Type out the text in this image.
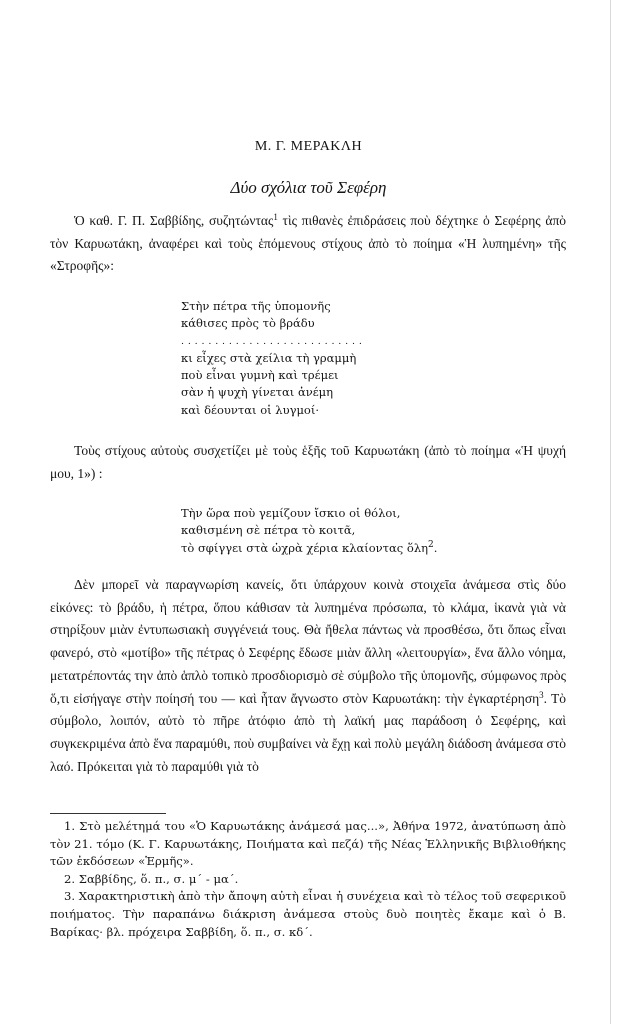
Μ. Γ. ΜΕΡΑΚΛΗ
Δύο σχόλια τοῦ Σεφέρη

Ὁ καθ. Γ. Π. Σαββίδης, συζητώντας$^1$ τὶς πιθανὲς ἐπιδράσεις ποὺ δέχτηκε ὁ Σεφέρης ἀπὸ τὸν Καρυωτάκη, ἀναφέρει καὶ τοὺς ἑπόμενους στίχους ἀπὸ τὸ ποίημα «Ἡ λυπημένη» τῆς «Στροφῆς»:

Στὴν πέτρα τῆς ὑπομονῆς
κάθισες πρὸς τὸ βράδυ
. . . . . . . . . . . . . . . . . . . . . . . . . . .
κι εἶχες στὰ χείλια τὴ γραμμὴ
ποὺ εἶναι γυμνὴ καὶ τρέμει
σὰν ἡ ψυχὴ γίνεται ἀνέμη
καὶ δέουνται οἱ λυγμοί·

Τοὺς στίχους αὐτοὺς συσχετίζει μὲ τοὺς ἑξῆς τοῦ Καρυωτάκη (ἀπὸ τὸ ποίημα «Ἡ ψυχή μου, 1») :

Τὴν ὥρα ποὺ γεμίζουν ἴσκιο οἱ θόλοι,
καθισμένη σὲ πέτρα τὸ κοιτᾶ,
τὸ σφίγγει στὰ ὠχρὰ χέρια κλαίοντας ὅλη$^2$.

Δὲν μπορεῖ νὰ παραγνωρίση κανείς, ὅτι ὑπάρχουν κοινὰ στοιχεῖα ἀνάμεσα στὶς δύο εἰκόνες: τὸ βράδυ, ἡ πέτρα, ὅπου κάθισαν τὰ λυπημένα πρόσωπα, τὸ κλάμα, ἱκανὰ γιὰ νὰ στηρίξουν μιὰν ἐντυπωσιακὴ συγγένειά τους. Θὰ ἤθελα πάντως νὰ προσθέσω, ὅτι ὅπως εἶναι φανερό, στὸ «μοτίβο» τῆς πέτρας ὁ Σεφέρης ἔδωσε μιὰν ἄλλη «λειτουργία», ἕνα ἄλλο νόημα, μετατρέποντάς την ἀπὸ ἁπλὸ τοπικὸ προσδιορισμὸ σὲ σύμβολο τῆς ὑπομονῆς, σύμφωνος πρὸς ὅ,τι εἰσήγαγε στὴν ποίησή του — καὶ ἦταν ἄγνωστο στὸν Καρυωτάκη: τὴν ἐγκαρτέρηση$^3$. Τὸ σύμβολο, λοιπόν, αὐτὸ τὸ πῆρε ἀτόφιο ἀπὸ τὴ λαϊκή μας παράδοση ὁ Σεφέρης, καὶ συγκεκριμένα ἀπὸ ἕνα παραμύθι, ποὺ συμβαίνει νὰ ἔχῃ καὶ πολὺ μεγάλη διάδοση ἀνάμεσα στὸ λαό. Πρόκειται γιὰ τὸ παραμύθι γιὰ τὸ

1. Στὸ μελέτημά του «Ὁ Καρυωτάκης ἀνάμεσά μας...», Ἀθήνα 1972, ἀνατύπωση ἀπὸ τὸν 21. τόμο (Κ. Γ. Καρυωτάκης, Ποιήματα καὶ πεζά) τῆς Νέας Ἑλληνικῆς Βιβλιοθήκης τῶν ἐκδόσεων «Ἑρμῆς».
2. Σαββίδης, ὅ. π., σ. μ΄ - μα΄.
3. Χαρακτηριστικὴ ἀπὸ τὴν ἄποψη αὐτὴ εἶναι ἡ συνέχεια καὶ τὸ τέλος τοῦ σεφερικοῦ ποιήματος. Τὴν παραπάνω διάκριση ἀνάμεσα στοὺς δυὸ ποιητὲς ἔκαμε καὶ ὁ Β. Βαρίκας· βλ. πρόχειρα Σαββίδη, ὅ. π., σ. κδ΄.
